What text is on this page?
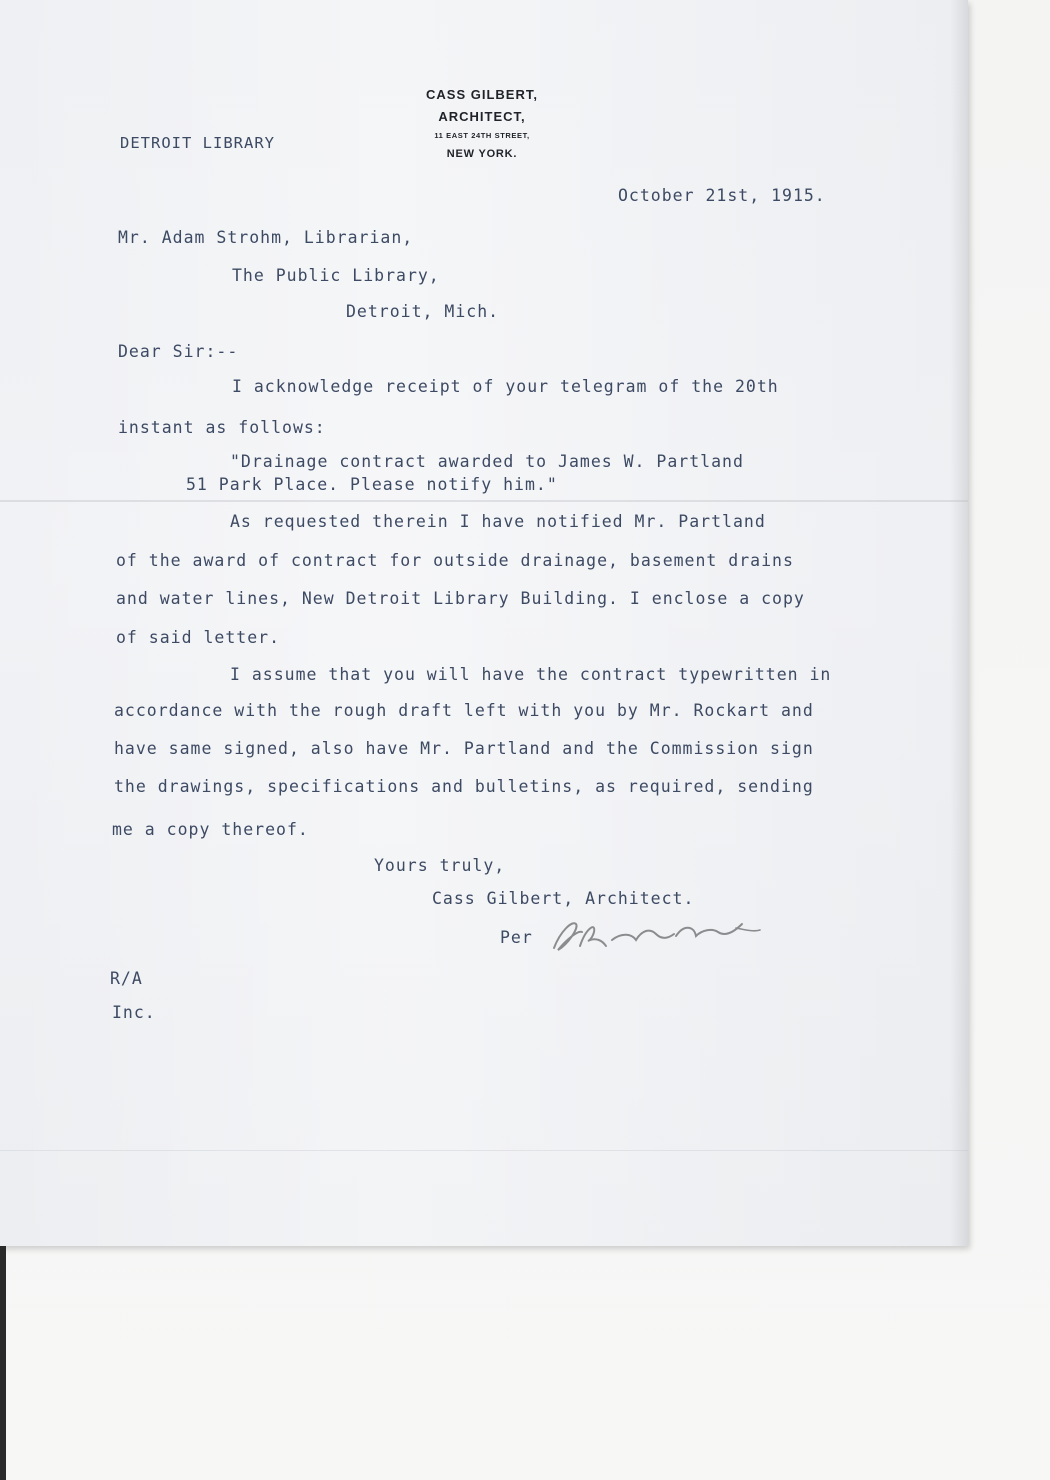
CASS GILBERT,
ARCHITECT,
11 EAST 24TH STREET,
NEW YORK.
DETROIT LIBRARY
October 21st, 1915.
Mr. Adam Strohm, Librarian,
The Public Library,
Detroit, Mich.
Dear Sir:--
I acknowledge receipt of your telegram of the 20th
instant as follows:
"Drainage contract awarded to James W. Partland
51 Park Place. Please notify him."
As requested therein I have notified Mr. Partland
of the award of contract for outside drainage, basement drains
and water lines, New Detroit Library Building. I enclose a copy
of said letter.
I assume that you will have the contract typewritten in
accordance with the rough draft left with you by Mr. Rockart and
have same signed, also have Mr. Partland and the Commission sign
the drawings, specifications and bulletins, as required, sending
me a copy thereof.
Yours truly,
Cass Gilbert, Architect.
Per
R/A
Inc.
